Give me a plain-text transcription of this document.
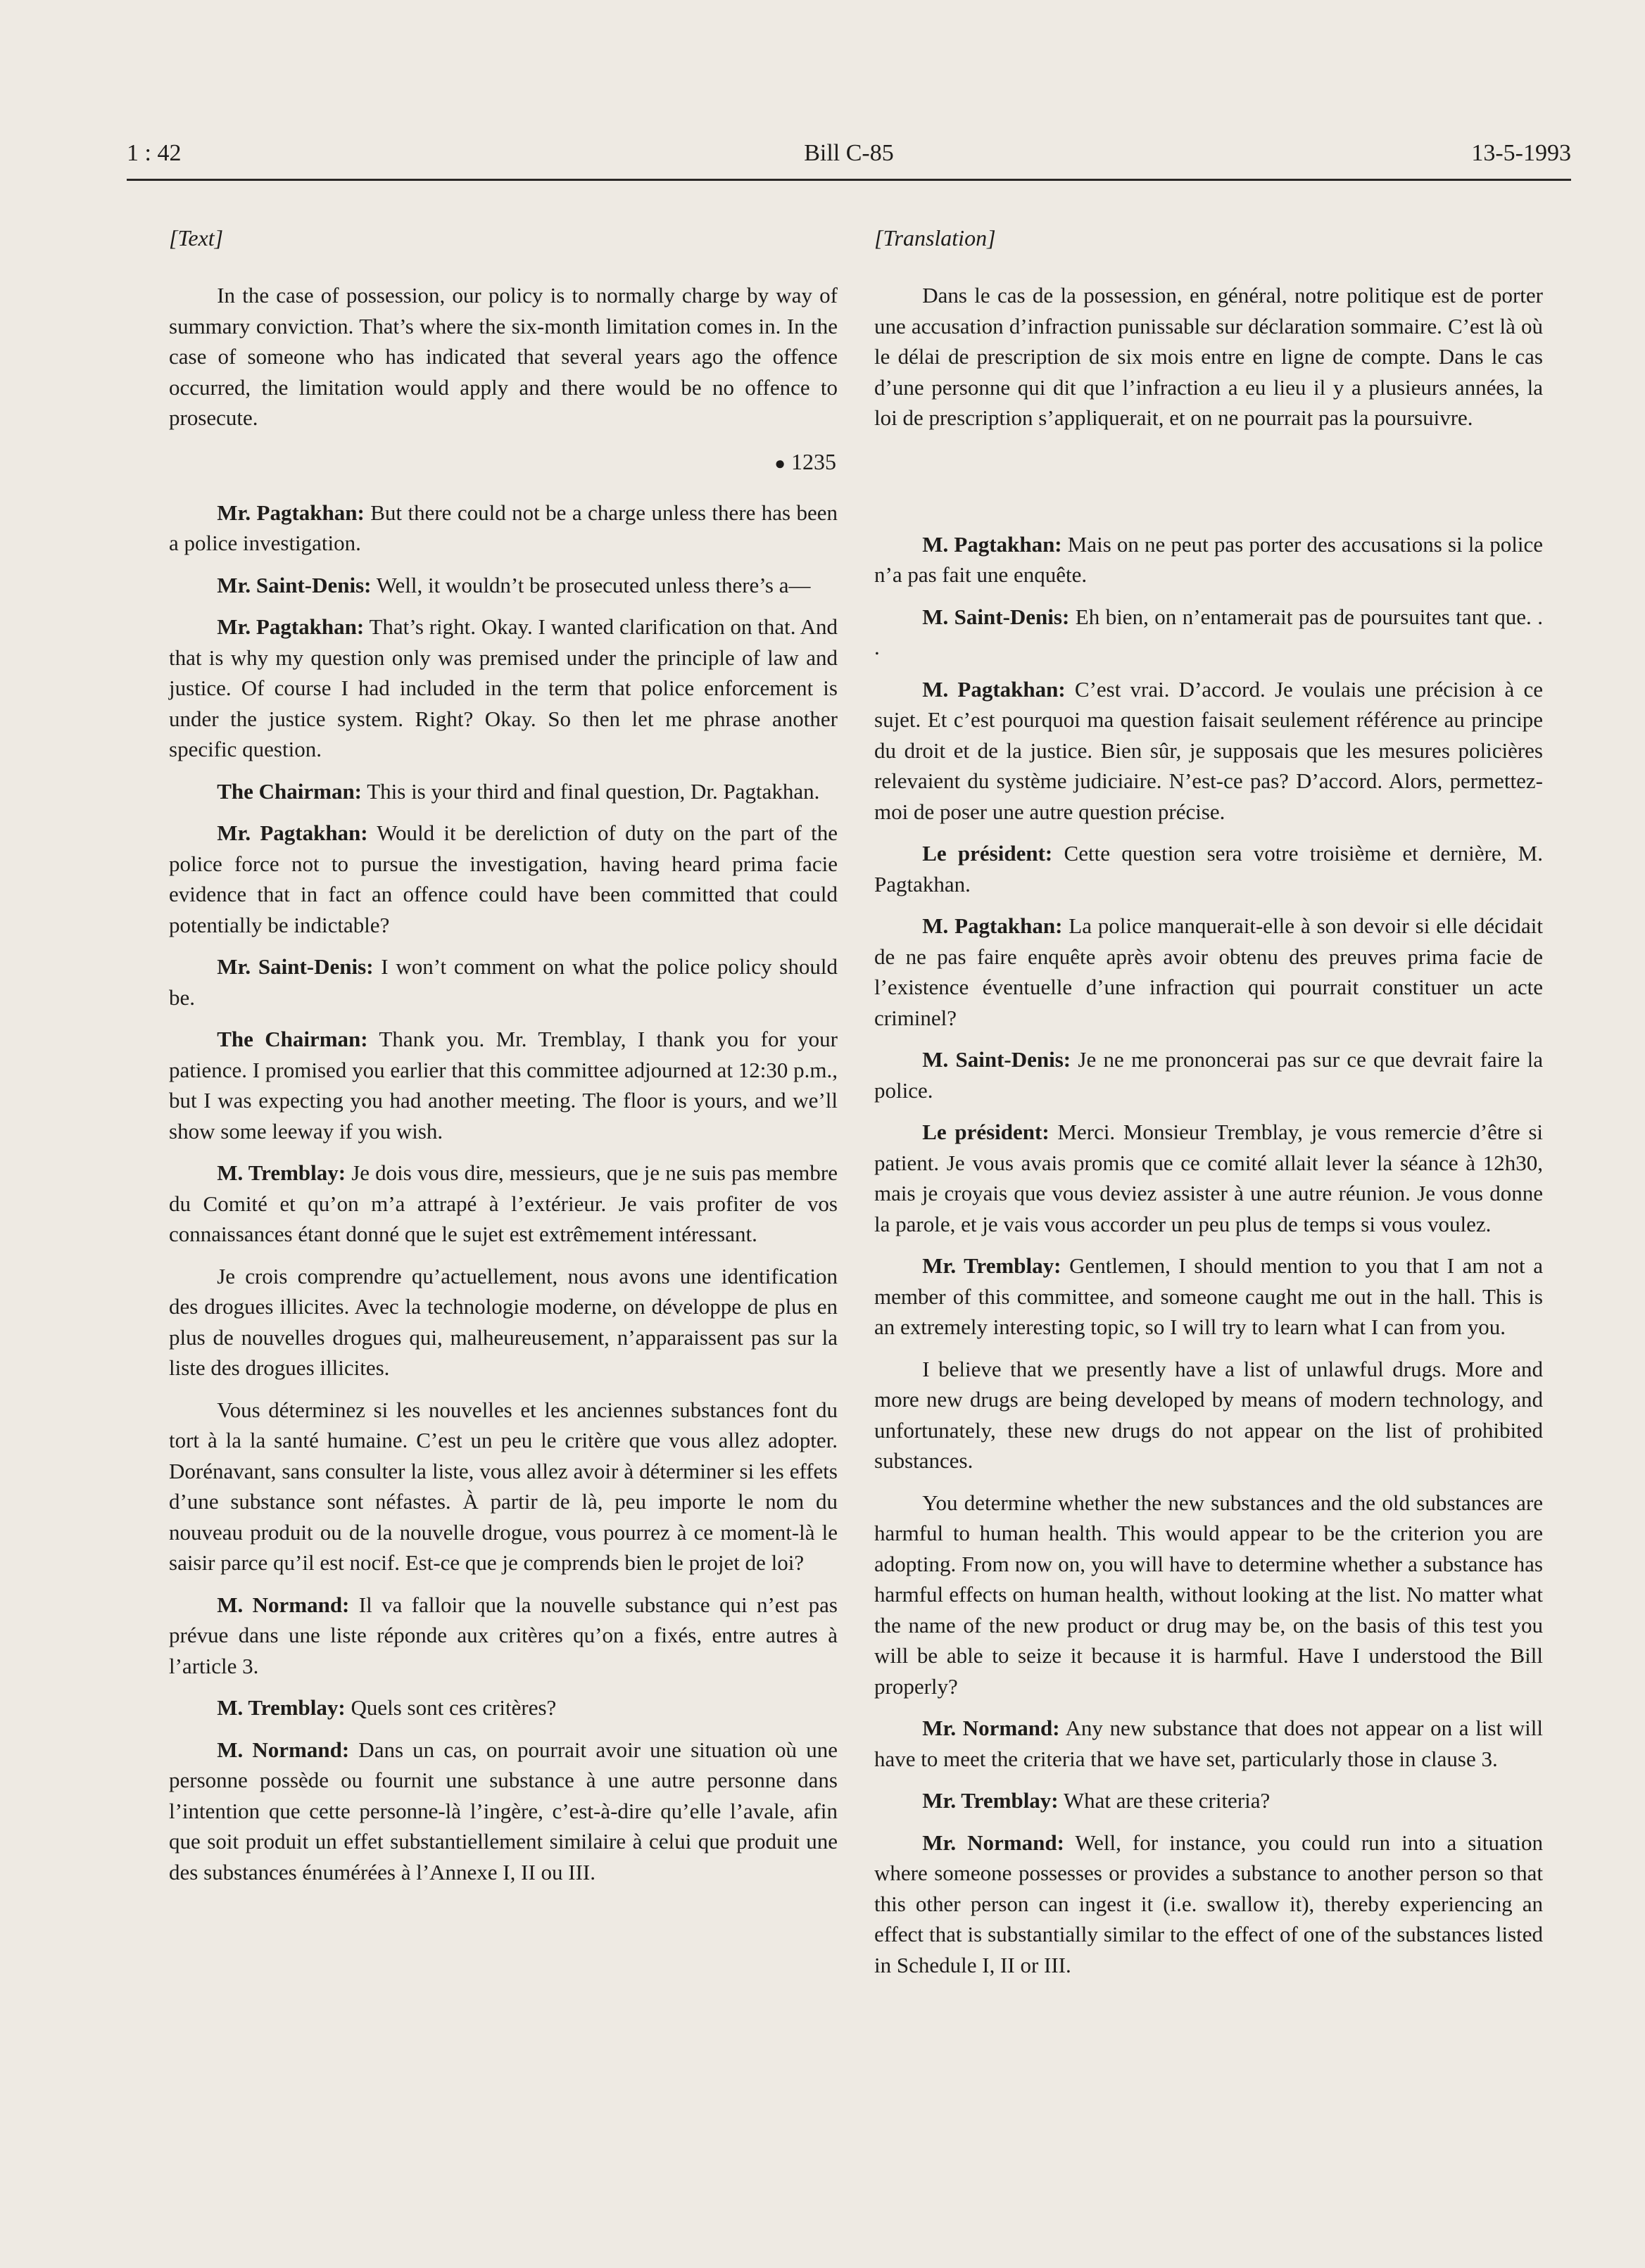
Bill C-85
1 : 42	13-5-1993
[Text]

In the case of possession, our policy is to normally charge by way of summary conviction. That’s where the six-month limitation comes in. In the case of someone who has indicated that several years ago the offence occurred, the limitation would apply and there would be no offence to prosecute.

● 1235

Mr. Pagtakhan: But there could not be a charge unless there has been a police investigation.

Mr. Saint-Denis: Well, it wouldn’t be prosecuted unless there’s a—

Mr. Pagtakhan: That’s right. Okay. I wanted clarification on that. And that is why my question only was premised under the principle of law and justice. Of course I had included in the term that police enforcement is under the justice system. Right? Okay. So then let me phrase another specific question.

The Chairman: This is your third and final question, Dr. Pagtakhan.

Mr. Pagtakhan: Would it be dereliction of duty on the part of the police force not to pursue the investigation, having heard prima facie evidence that in fact an offence could have been committed that could potentially be indictable?

Mr. Saint-Denis: I won’t comment on what the police policy should be.

The Chairman: Thank you. Mr. Tremblay, I thank you for your patience. I promised you earlier that this committee adjourned at 12:30 p.m., but I was expecting you had another meeting. The floor is yours, and we’ll show some leeway if you wish.

M. Tremblay: Je dois vous dire, messieurs, que je ne suis pas membre du Comité et qu’on m’a attrapé à l’extérieur. Je vais profiter de vos connaissances étant donné que le sujet est extrêmement intéressant.

Je crois comprendre qu’actuellement, nous avons une identification des drogues illicites. Avec la technologie moderne, on développe de plus en plus de nouvelles drogues qui, malheureusement, n’apparaissent pas sur la liste des drogues illicites.

Vous déterminez si les nouvelles et les anciennes substances font du tort à la la santé humaine. C’est un peu le critère que vous allez adopter. Dorénavant, sans consulter la liste, vous allez avoir à déterminer si les effets d’une substance sont néfastes. À partir de là, peu importe le nom du nouveau produit ou de la nouvelle drogue, vous pourrez à ce moment-là le saisir parce qu’il est nocif. Est-ce que je comprends bien le projet de loi?

M. Normand: Il va falloir que la nouvelle substance qui n’est pas prévue dans une liste réponde aux critères qu’on a fixés, entre autres à l’article 3.

M. Tremblay: Quels sont ces critères?

M. Normand: Dans un cas, on pourrait avoir une situation où une personne possède ou fournit une substance à une autre personne dans l’intention que cette personne-là l’ingère, c’est-à-dire qu’elle l’avale, afin que soit produit un effet substantiellement similaire à celui que produit une des substances énumérées à l’Annexe I, II ou III.

[Translation]

Dans le cas de la possession, en général, notre politique est de porter une accusation d’infraction punissable sur déclaration sommaire. C’est là où le délai de prescription de six mois entre en ligne de compte. Dans le cas d’une personne qui dit que l’infraction a eu lieu il y a plusieurs années, la loi de prescription s’appliquerait, et on ne pourrait pas la poursuivre.

M. Pagtakhan: Mais on ne peut pas porter des accusations si la police n’a pas fait une enquête.

M. Saint-Denis: Eh bien, on n’entamerait pas de poursuites tant que. . .

M. Pagtakhan: C’est vrai. D’accord. Je voulais une précision à ce sujet. Et c’est pourquoi ma question faisait seulement référence au principe du droit et de la justice. Bien sûr, je supposais que les mesures policières relevaient du système judiciaire. N’est-ce pas? D’accord. Alors, permettez-moi de poser une autre question précise.

Le président: Cette question sera votre troisième et dernière, M. Pagtakhan.

M. Pagtakhan: La police manquerait-elle à son devoir si elle décidait de ne pas faire enquête après avoir obtenu des preuves prima facie de l’existence éventuelle d’une infraction qui pourrait constituer un acte criminel?

M. Saint-Denis: Je ne me prononcerai pas sur ce que devrait faire la police.

Le président: Merci. Monsieur Tremblay, je vous remercie d’être si patient. Je vous avais promis que ce comité allait lever la séance à 12h30, mais je croyais que vous deviez assister à une autre réunion. Je vous donne la parole, et je vais vous accorder un peu plus de temps si vous voulez.

Mr. Tremblay: Gentlemen, I should mention to you that I am not a member of this committee, and someone caught me out in the hall. This is an extremely interesting topic, so I will try to learn what I can from you.

I believe that we presently have a list of unlawful drugs. More and more new drugs are being developed by means of modern technology, and unfortunately, these new drugs do not appear on the list of prohibited substances.

You determine whether the new substances and the old substances are harmful to human health. This would appear to be the criterion you are adopting. From now on, you will have to determine whether a substance has harmful effects on human health, without looking at the list. No matter what the name of the new product or drug may be, on the basis of this test you will be able to seize it because it is harmful. Have I understood the Bill properly?

Mr. Normand: Any new substance that does not appear on a list will have to meet the criteria that we have set, particularly those in clause 3.

Mr. Tremblay: What are these criteria?

Mr. Normand: Well, for instance, you could run into a situation where someone possesses or provides a substance to another person so that this other person can ingest it (i.e. swallow it), thereby experiencing an effect that is substantially similar to the effect of one of the substances listed in Schedule I, II or III.
